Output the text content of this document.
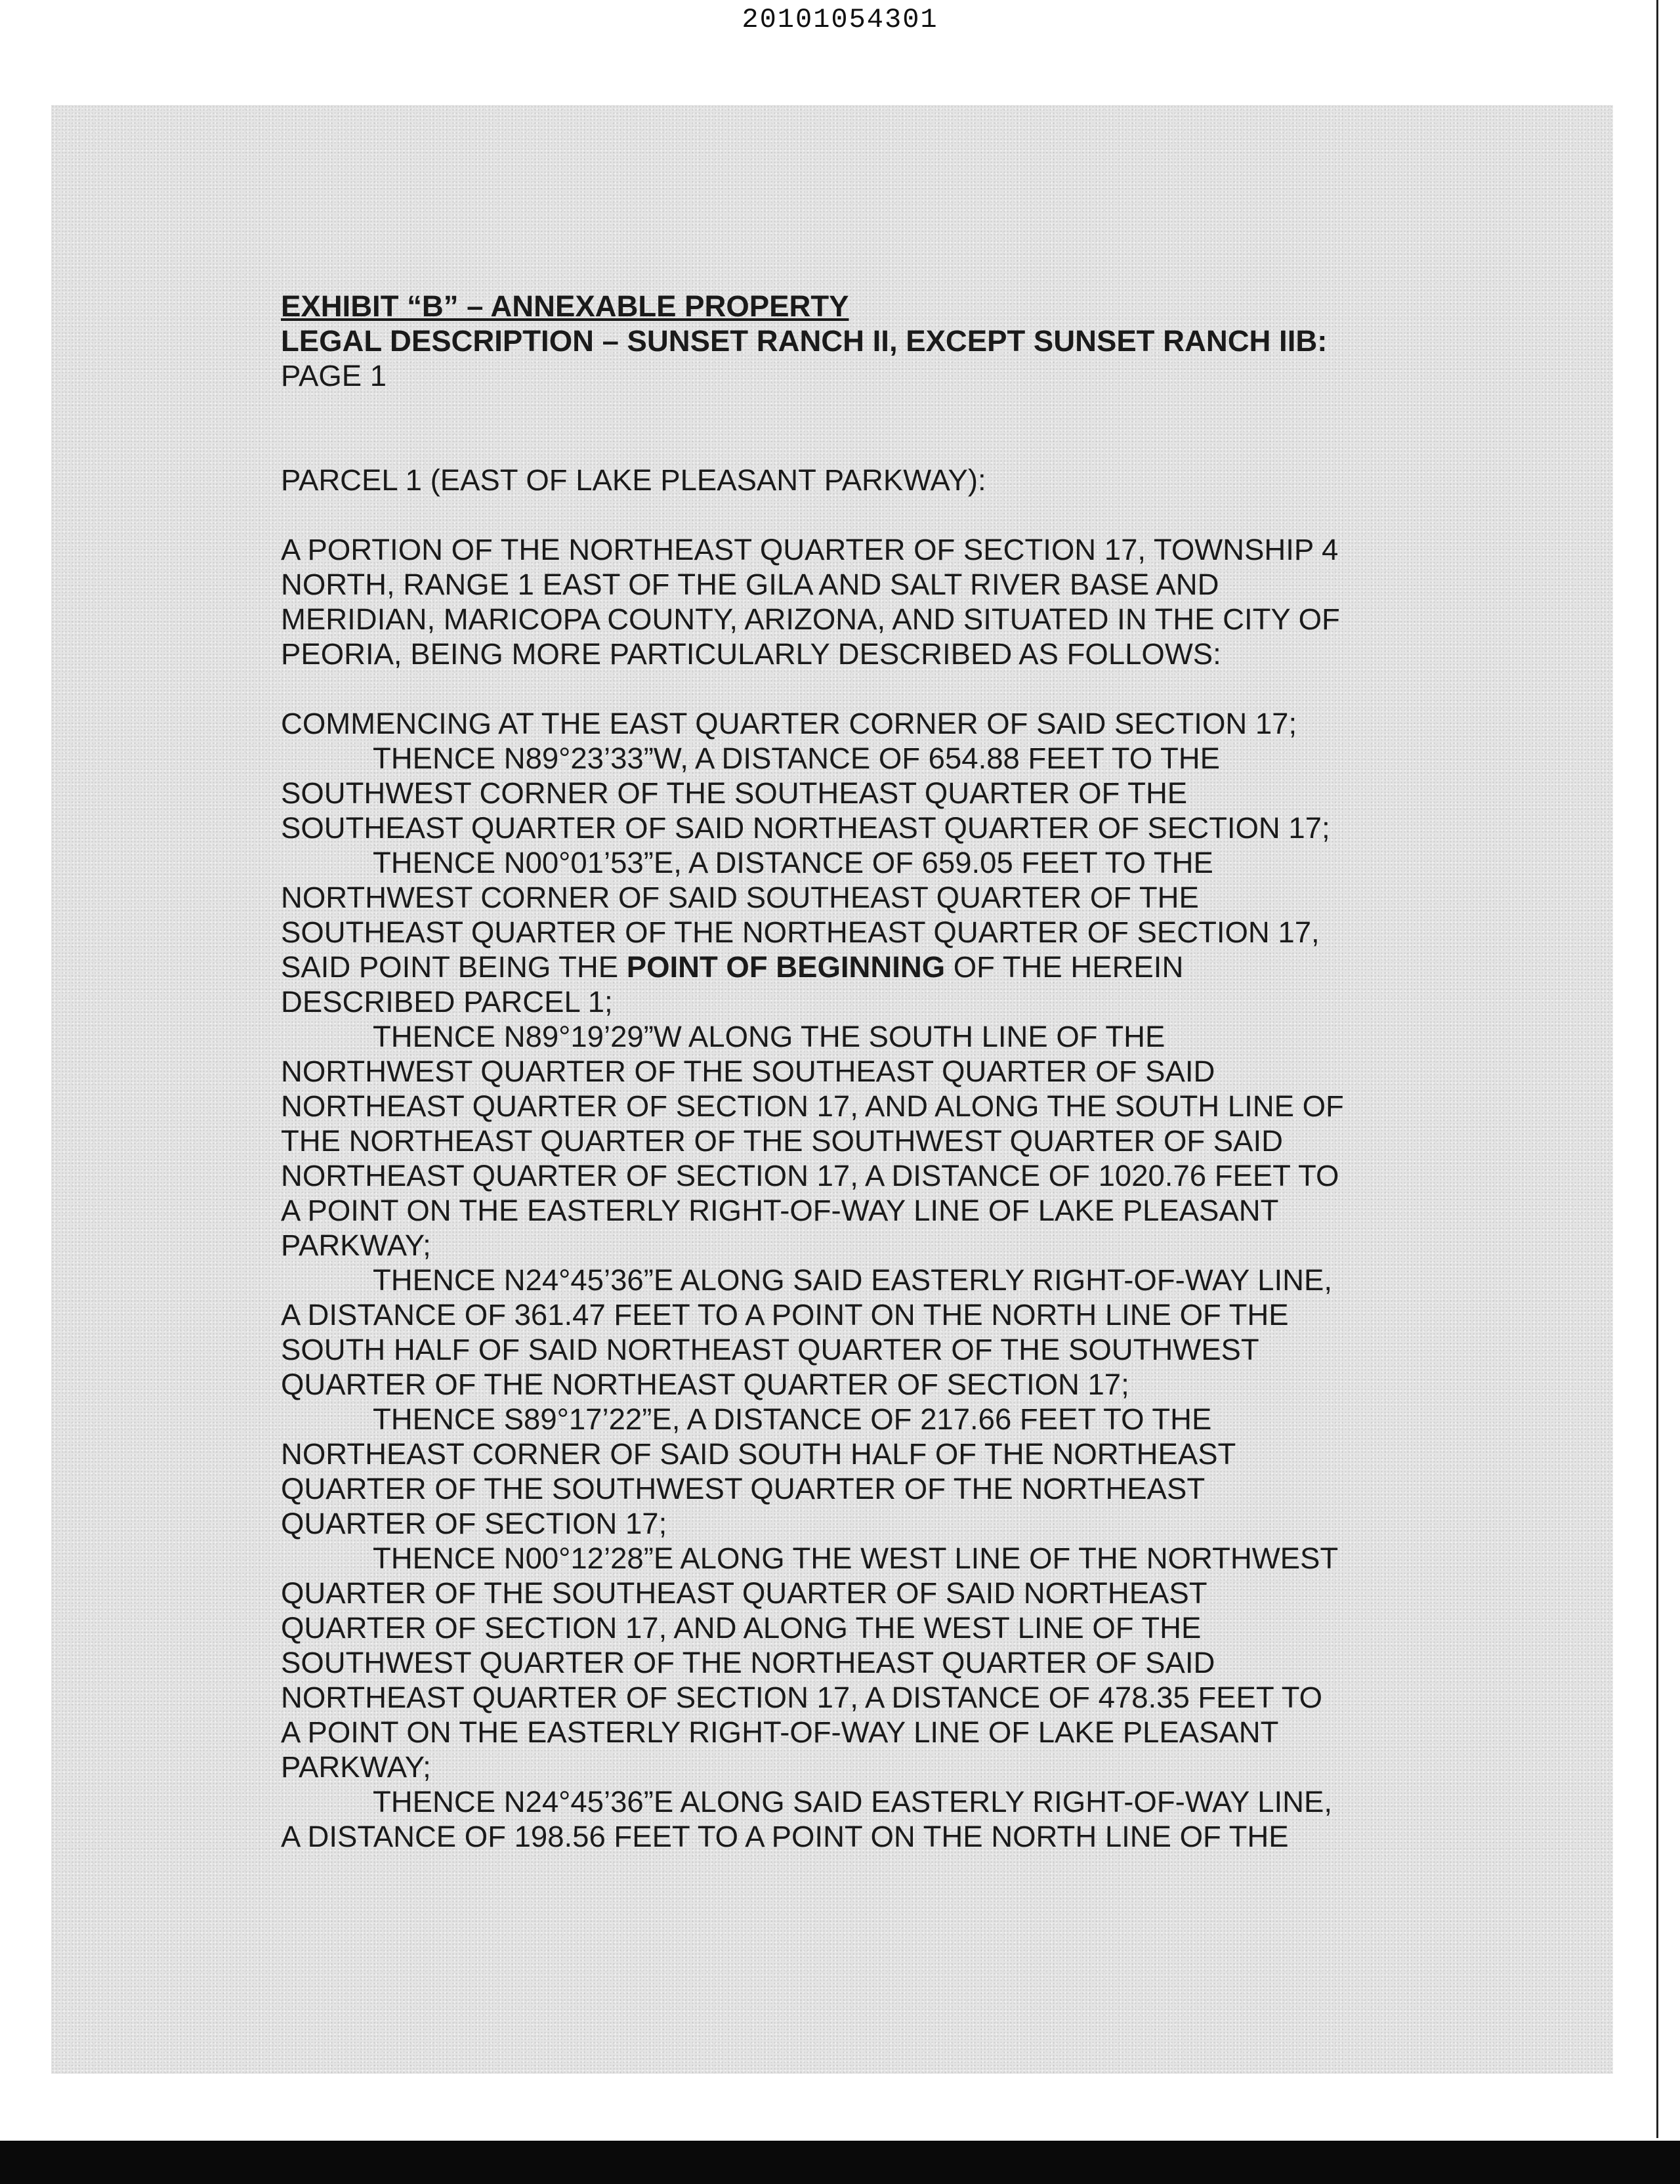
20101054301
EXHIBIT “B” – ANNEXABLE PROPERTY
LEGAL DESCRIPTION – SUNSET RANCH II, EXCEPT SUNSET RANCH IIB:
PAGE 1
PARCEL 1 (EAST OF LAKE PLEASANT PARKWAY):
A PORTION OF THE NORTHEAST QUARTER OF SECTION 17, TOWNSHIP 4
NORTH, RANGE 1 EAST OF THE GILA AND SALT RIVER BASE AND
MERIDIAN, MARICOPA COUNTY, ARIZONA, AND SITUATED IN THE CITY OF
PEORIA, BEING MORE PARTICULARLY DESCRIBED AS FOLLOWS:
COMMENCING AT THE EAST QUARTER CORNER OF SAID SECTION 17;
THENCE N89°23’33”W, A DISTANCE OF 654.88 FEET TO THE
SOUTHWEST CORNER OF THE SOUTHEAST QUARTER OF THE
SOUTHEAST QUARTER OF SAID NORTHEAST QUARTER OF SECTION 17;
THENCE N00°01’53”E, A DISTANCE OF 659.05 FEET TO THE
NORTHWEST CORNER OF SAID SOUTHEAST QUARTER OF THE
SOUTHEAST QUARTER OF THE NORTHEAST QUARTER OF SECTION 17,
SAID POINT BEING THE POINT OF BEGINNING OF THE HEREIN
DESCRIBED PARCEL 1;
THENCE N89°19’29”W ALONG THE SOUTH LINE OF THE
NORTHWEST QUARTER OF THE SOUTHEAST QUARTER OF SAID
NORTHEAST QUARTER OF SECTION 17, AND ALONG THE SOUTH LINE OF
THE NORTHEAST QUARTER OF THE SOUTHWEST QUARTER OF SAID
NORTHEAST QUARTER OF SECTION 17, A DISTANCE OF 1020.76 FEET TO
A POINT ON THE EASTERLY RIGHT-OF-WAY LINE OF LAKE PLEASANT
PARKWAY;
THENCE N24°45’36”E ALONG SAID EASTERLY RIGHT-OF-WAY LINE,
A DISTANCE OF 361.47 FEET TO A POINT ON THE NORTH LINE OF THE
SOUTH HALF OF SAID NORTHEAST QUARTER OF THE SOUTHWEST
QUARTER OF THE NORTHEAST QUARTER OF SECTION 17;
THENCE S89°17’22”E, A DISTANCE OF 217.66 FEET TO THE
NORTHEAST CORNER OF SAID SOUTH HALF OF THE NORTHEAST
QUARTER OF THE SOUTHWEST QUARTER OF THE NORTHEAST
QUARTER OF SECTION 17;
THENCE N00°12’28”E ALONG THE WEST LINE OF THE NORTHWEST
QUARTER OF THE SOUTHEAST QUARTER OF SAID NORTHEAST
QUARTER OF SECTION 17, AND ALONG THE WEST LINE OF THE
SOUTHWEST QUARTER OF THE NORTHEAST QUARTER OF SAID
NORTHEAST QUARTER OF SECTION 17, A DISTANCE OF 478.35 FEET TO
A POINT ON THE EASTERLY RIGHT-OF-WAY LINE OF LAKE PLEASANT
PARKWAY;
THENCE N24°45’36”E ALONG SAID EASTERLY RIGHT-OF-WAY LINE,
A DISTANCE OF 198.56 FEET TO A POINT ON THE NORTH LINE OF THE
